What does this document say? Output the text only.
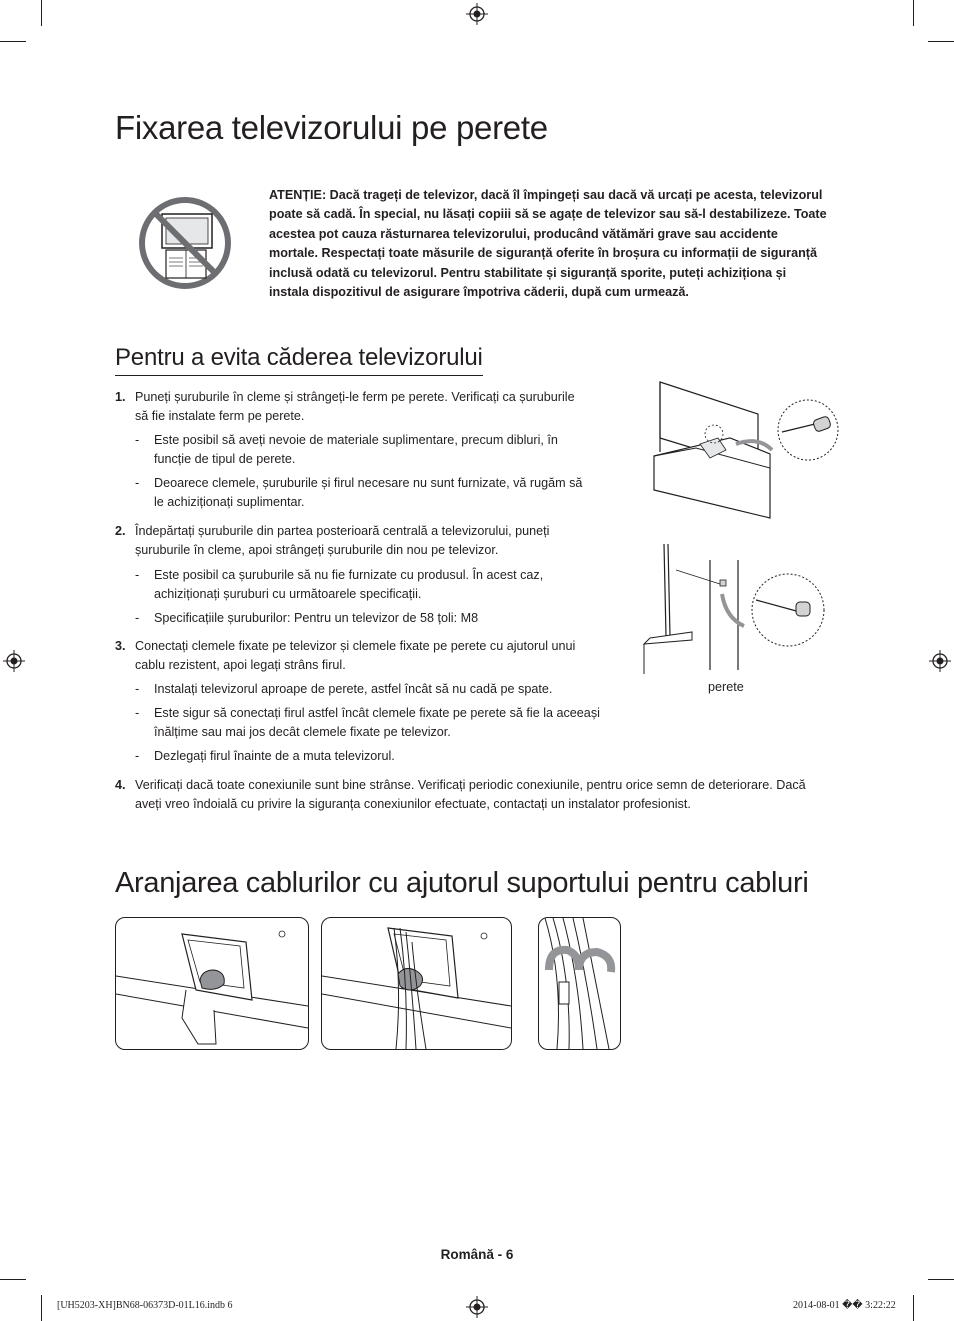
Fixarea televizorului pe perete
ATENȚIE: Dacă trageți de televizor, dacă îl împingeți sau dacă vă urcați pe acesta, televizorul poate să cadă. În special, nu lăsați copiii să se agațe de televizor sau să-l destabilizeze. Toate acestea pot cauza răsturnarea televizorului, producând vătămări grave sau accidente mortale. Respectați toate măsurile de siguranță oferite în broșura cu informații de siguranță inclusă odată cu televizorul. Pentru stabilitate și siguranță sporite, puteți achiziționa și instala dispozitivul de asigurare împotriva căderii, după cum urmează.
Pentru a evita căderea televizorului
1. Puneți șuruburile în cleme și strângeți-le ferm pe perete. Verificați ca șuruburile să fie instalate ferm pe perete.
- Este posibil să aveți nevoie de materiale suplimentare, precum dibluri, în funcție de tipul de perete.
- Deoarece clemele, șuruburile și firul necesare nu sunt furnizate, vă rugăm să le achiziționați suplimentar.
2. Îndepărtați șuruburile din partea posterioară centrală a televizorului, puneți șuruburile în cleme, apoi strângeți șuruburile din nou pe televizor.
- Este posibil ca șuruburile să nu fie furnizate cu produsul. În acest caz, achiziționați șuruburi cu următoarele specificații.
- Specificațiile șuruburilor: Pentru un televizor de 58 țoli: M8
3. Conectați clemele fixate pe televizor și clemele fixate pe perete cu ajutorul unui cablu rezistent, apoi legați strâns firul.
- Instalați televizorul aproape de perete, astfel încât să nu cadă pe spate.
- Este sigur să conectați firul astfel încât clemele fixate pe perete să fie la aceeași înălțime sau mai jos decât clemele fixate pe televizor.
- Dezlegați firul înainte de a muta televizorul.
4. Verificați dacă toate conexiunile sunt bine strânse. Verificați periodic conexiunile, pentru orice semn de deteriorare. Dacă aveți vreo îndoială cu privire la siguranța conexiunilor efectuate, contactați un instalator profesionist.
perete
Aranjarea cablurilor cu ajutorul suportului pentru cabluri
Română - 6
[UH5203-XH]BN68-06373D-01L16.indb 6	2014-08-01 �� 3:22:22
